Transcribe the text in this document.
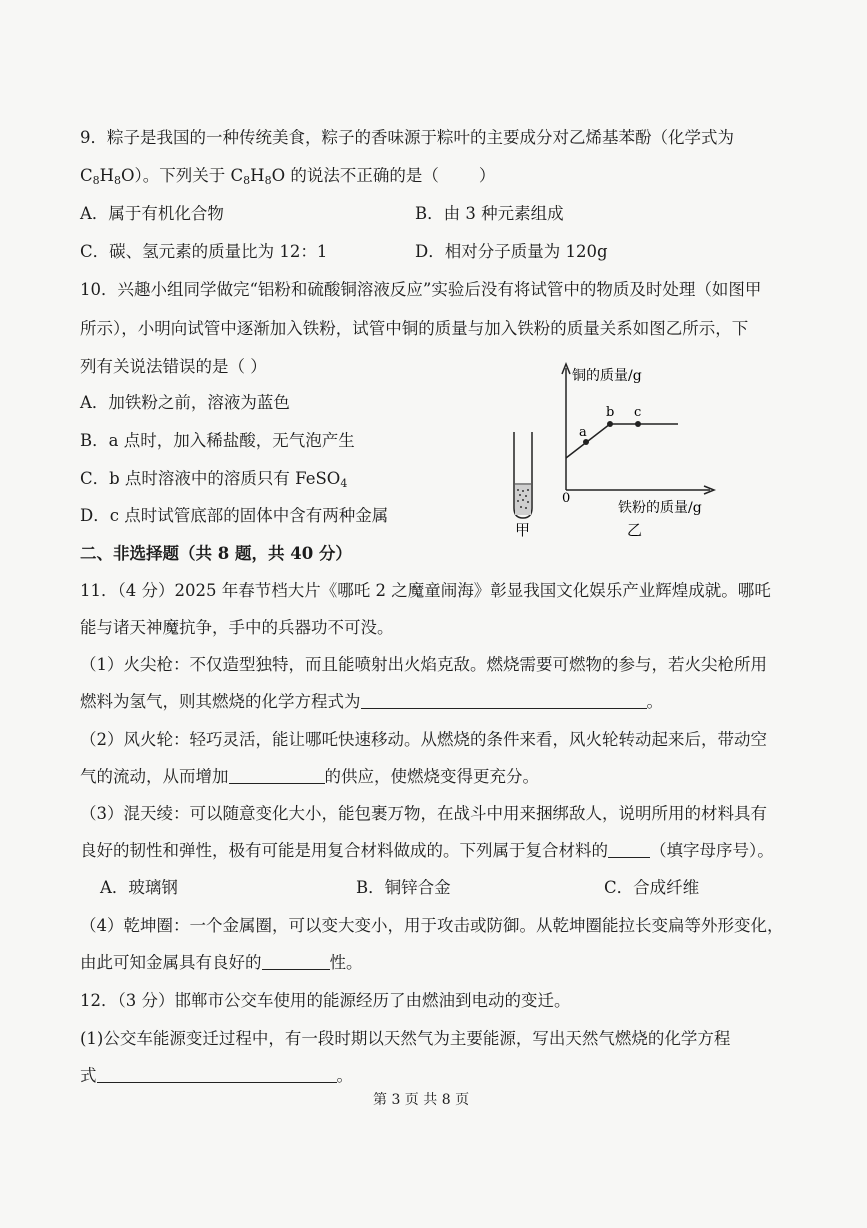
9．粽子是我国的一种传统美食，粽子的香味源于粽叶的主要成分对乙烯基苯酚（化学式为
$C_8H_8O$）。下列关于 $C_8H_8O$ 的说法不正确的是（ ）
A．属于有机化合物	B．由 3 种元素组成
C．碳、氢元素的质量比为 12：1	D．相对分子质量为 120g
10．兴趣小组同学做完“铝粉和硫酸铜溶液反应”实验后没有将试管中的物质及时处理（如图甲
所示），小明向试管中逐渐加入铁粉，试管中铜的质量与加入铁粉的质量关系如图乙所示，下
列有关说法错误的是（ ）
A．加铁粉之前，溶液为蓝色
B．a 点时，加入稀盐酸，无气泡产生
C．b 点时溶液中的溶质只有 FeSO$_4$
D．c 点时试管底部的固体中含有两种金属
甲
a
b c
铜的质量/g
铁粉的质量/g
0
乙
二、非选择题（共 8 题，共 40 分）
11．（4 分）2025 年春节档大片《哪吒 2 之魔童闹海》彰显我国文化娱乐产业辉煌成就。哪吒
能与诸天神魔抗争，手中的兵器功不可没。
（1）火尖枪：不仅造型独特，而且能喷射出火焰克敌。燃烧需要可燃物的参与，若火尖枪所用
燃料为氢气，则其燃烧的化学方程式为	。
（2）风火轮：轻巧灵活，能让哪吒快速移动。从燃烧的条件来看，风火轮转动起来后，带动空
气的流动，从而增加	的供应，使燃烧变得更充分。
（3）混天绫：可以随意变化大小，能包裹万物，在战斗中用来捆绑敌人，说明所用的材料具有
良好的韧性和弹性，极有可能是用复合材料做成的。下列属于复合材料的	（填字母序号）。
A．玻璃钢	B．铜锌合金	C．合成纤维
（4）乾坤圈：一个金属圈，可以变大变小，用于攻击或防御。从乾坤圈能拉长变扁等外形变化，
由此可知金属具有良好的	性。
12．（3 分）邯郸市公交车使用的能源经历了由燃油到电动的变迁。
(1)公交车能源变迁过程中，有一段时期以天然气为主要能源，写出天然气燃烧的化学方程
式	。
第 3 页 共 8 页
